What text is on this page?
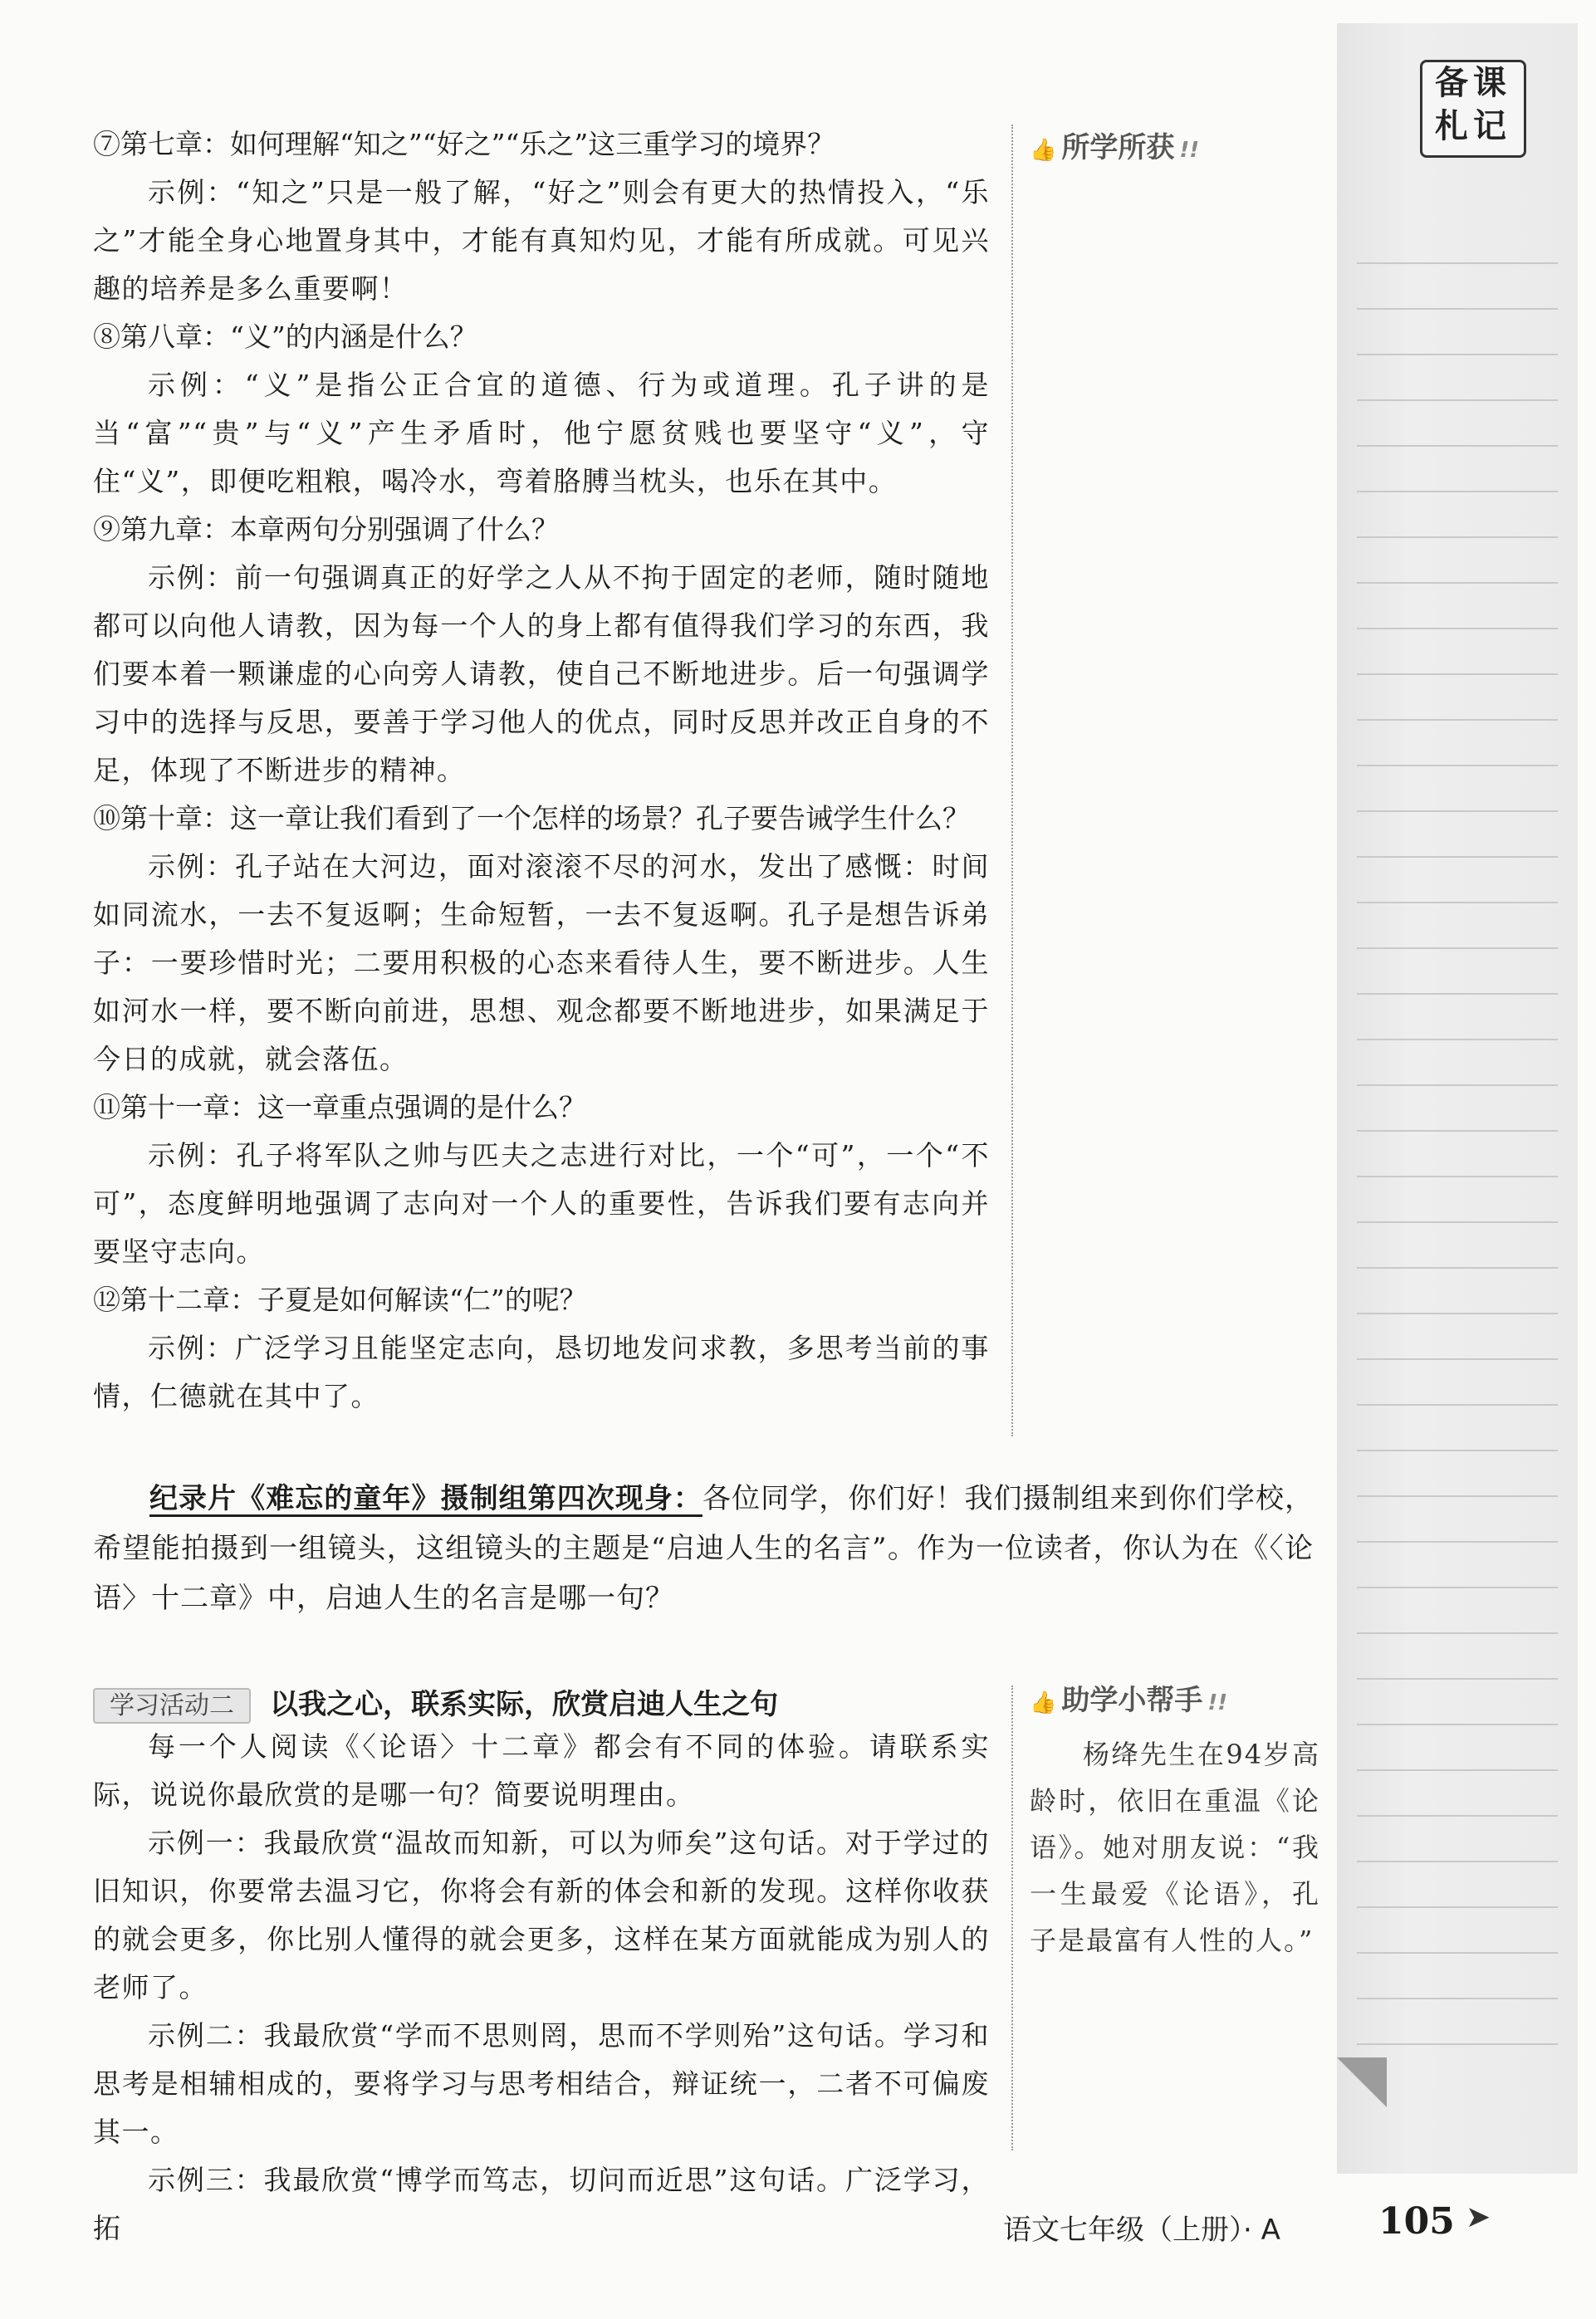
备课
札记
👍 所学所获 !!
👍 助学小帮手 !!

杨绛先生在94岁高龄时，依旧在重温《论语》。她对朋友说：“我一生最爱《论语》，孔子是最富有人性的人。”

⑦第七章：如何理解“知之”“好之”“乐之”这三重学习的境界？

示例：“知之”只是一般了解，“好之”则会有更大的热情投入，“乐之”才能全身心地置身其中，才能有真知灼见，才能有所成就。可见兴趣的培养是多么重要啊！

⑧第八章：“义”的内涵是什么？

示例：“义”是指公正合宜的道德、行为或道理。孔子讲的是当“富”“贵”与“义”产生矛盾时，他宁愿贫贱也要坚守“义”，守住“义”，即便吃粗粮，喝冷水，弯着胳膊当枕头，也乐在其中。

⑨第九章：本章两句分别强调了什么？

示例：前一句强调真正的好学之人从不拘于固定的老师，随时随地都可以向他人请教，因为每一个人的身上都有值得我们学习的东西，我们要本着一颗谦虚的心向旁人请教，使自己不断地进步。后一句强调学习中的选择与反思，要善于学习他人的优点，同时反思并改正自身的不足，体现了不断进步的精神。

⑩第十章：这一章让我们看到了一个怎样的场景？孔子要告诫学生什么？

示例：孔子站在大河边，面对滚滚不尽的河水，发出了感慨：时间如同流水，一去不复返啊；生命短暂，一去不复返啊。孔子是想告诉弟子：一要珍惜时光；二要用积极的心态来看待人生，要不断进步。人生如河水一样，要不断向前进，思想、观念都要不断地进步，如果满足于今日的成就，就会落伍。

⑪第十一章：这一章重点强调的是什么？

示例：孔子将军队之帅与匹夫之志进行对比，一个“可”，一个“不可”，态度鲜明地强调了志向对一个人的重要性，告诉我们要有志向并要坚守志向。

⑫第十二章：子夏是如何解读“仁”的呢？

示例：广泛学习且能坚定志向，恳切地发问求教，多思考当前的事情，仁德就在其中了。

纪录片《难忘的童年》摄制组第四次现身：各位同学，你们好！我们摄制组来到你们学校，希望能拍摄到一组镜头，这组镜头的主题是“启迪人生的名言”。作为一位读者，你认为在《〈论语〉十二章》中，启迪人生的名言是哪一句？

学习活动二 以我之心，联系实际，欣赏启迪人生之句

每一个人阅读《〈论语〉十二章》都会有不同的体验。请联系实际，说说你最欣赏的是哪一句？简要说明理由。

示例一：我最欣赏“温故而知新，可以为师矣”这句话。对于学过的旧知识，你要常去温习它，你将会有新的体会和新的发现。这样你收获的就会更多，你比别人懂得的就会更多，这样在某方面就能成为别人的老师了。

示例二：我最欣赏“学而不思则罔，思而不学则殆”这句话。学习和思考是相辅相成的，要将学习与思考相结合，辩证统一，二者不可偏废其一。

示例三：我最欣赏“博学而笃志，切问而近思”这句话。广泛学习，拓	语文七年级（上册）· A	105 ➤
